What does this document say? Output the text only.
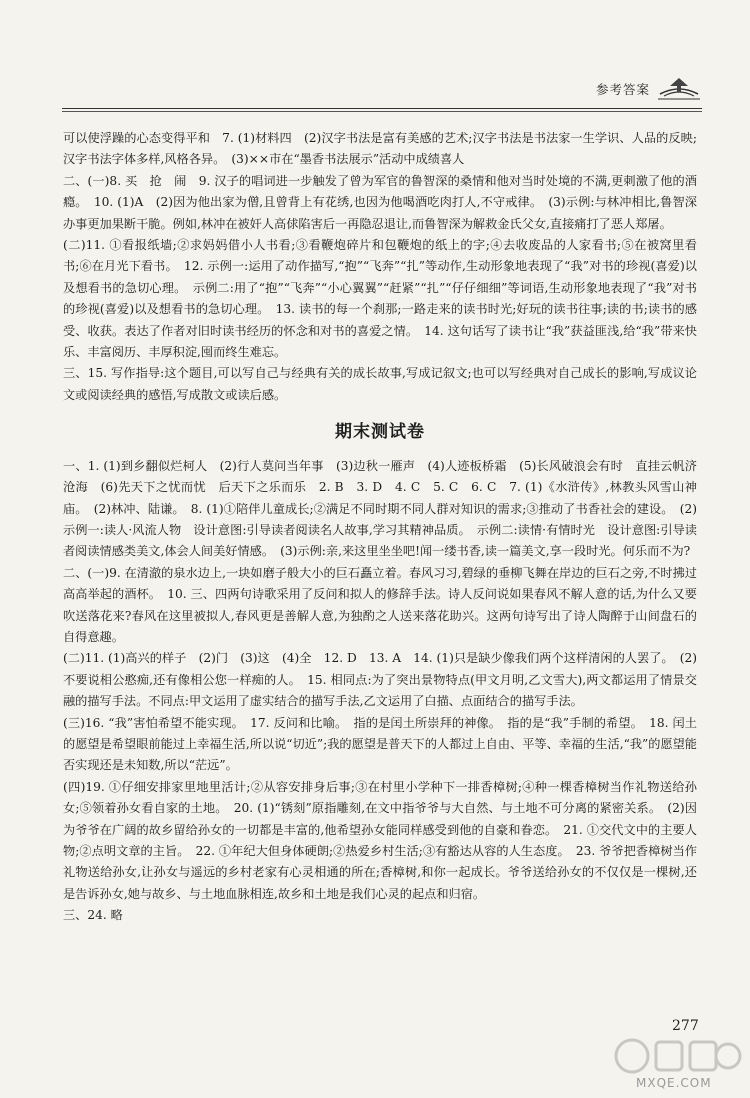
参考答案

可以使浮躁的心态变得平和　7. (1)材料四　(2)汉字书法是富有美感的艺术;汉字书法是书法家一生学识、人品的反映;汉字书法字体多样,风格各异。　(3)××市在“墨香书法展示”活动中成绩喜人

二、(一)8. 买　抢　闹　9. 汉子的唱词进一步触发了曾为军官的鲁智深的桑情和他对当时处境的不满,更刺激了他的酒瘾。　10. (1)A　(2)因为他出家为僧,且曾背上有花绣,也因为他喝酒吃肉打人,不守戒律。　(3)示例:与林冲相比,鲁智深办事更加果断干脆。例如,林冲在被奸人高俅陷害后一再隐忍退让,而鲁智深为解救金氏父女,直接痛打了恶人郑屠。

(二)11. ①看报纸墙;②求妈妈借小人书看;③看鞭炮碎片和包鞭炮的纸上的字;④去收废品的人家看书;⑤在被窝里看书;⑥在月光下看书。　12. 示例一:运用了动作描写,“抱”“飞奔”“扎”等动作,生动形象地表现了“我”对书的珍视(喜爱)以及想看书的急切心理。　示例二:用了“抱”“飞奔”“小心翼翼”“赶紧”“扎”“仔仔细细”等词语,生动形象地表现了“我”对书的珍视(喜爱)以及想看书的急切心理。　13. 读书的每一个刹那;一路走来的读书时光;好玩的读书往事;读的书;读书的感受、收获。表达了作者对旧时读书经历的怀念和对书的喜爱之情。　14. 这句话写了读书让“我”获益匪浅,给“我”带来快乐、丰富阅历、丰厚积淀,囤而终生难忘。

三、15. 写作指导:这个题目,可以写自己与经典有关的成长故事,写成记叙文;也可以写经典对自己成长的影响,写成议论文或阅读经典的感悟,写成散文或读后感。

期末测试卷

一、1. (1)到乡翻似烂柯人　(2)行人莫问当年事　(3)边秋一雁声　(4)人迹板桥霜　(5)长风破浪会有时　直挂云帆济沧海　(6)先天下之忧而忧　后天下之乐而乐　2. B　3. D　4. C　5. C　6. C　7. (1)《水浒传》,林教头风雪山神庙。　(2)林冲、陆谦。　8. (1)①陪伴儿童成长;②满足不同时期不同人群对知识的需求;③推动了书香社会的建设。　(2)示例一:读人·风流人物　设计意图:引导读者阅读名人故事,学习其精神品质。　示例二:读情·有情时光　设计意图:引导读者阅读情感类美文,体会人间美好情感。　(3)示例:亲,来这里坐坐吧!闻一缕书香,读一篇美文,享一段时光。何乐而不为?

二、(一)9. 在清澈的泉水边上,一块如磨子般大小的巨石矗立着。春风习习,碧绿的垂柳飞舞在岸边的巨石之旁,不时拂过高高举起的酒杯。　10. 三、四两句诗歌采用了反问和拟人的修辞手法。诗人反问说如果春风不解人意的话,为什么又要吹送落花来?春风在这里被拟人,春风更是善解人意,为独酌之人送来落花助兴。这两句诗写出了诗人陶醉于山间盘石的自得意趣。

(二)11. (1)高兴的样子　(2)门　(3)这　(4)全　12. D　13. A　14. (1)只是缺少像我们两个这样清闲的人罢了。　(2)不要说相公憨痴,还有像相公您一样痴的人。　15. 相同点:为了突出景物特点(甲文月明,乙文雪大),两文都运用了情景交融的描写手法。不同点:甲文运用了虚实结合的描写手法,乙文运用了白描、点面结合的描写手法。

(三)16. “我”害怕希望不能实现。　17. 反问和比喻。　指的是闰土所崇拜的神像。　指的是“我”手制的希望。　18. 闰土的愿望是希望眼前能过上幸福生活,所以说“切近”;我的愿望是普天下的人都过上自由、平等、幸福的生活,“我”的愿望能否实现还是未知数,所以“茫远”。

(四)19. ①仔细安排家里地里活计;②从容安排身后事;③在村里小学种下一排香樟树;④种一棵香樟树当作礼物送给孙女;⑤领着孙女看自家的土地。　20. (1)“锈刻”原指雕刻,在文中指爷爷与大自然、与土地不可分离的紧密关系。　(2)因为爷爷在广阔的故乡留给孙女的一切都是丰富的,他希望孙女能同样感受到他的自豪和眷恋。　21. ①交代文中的主要人物;②点明文章的主旨。　22. ①年纪大但身体硬朗;②热爱乡村生活;③有豁达从容的人生态度。　23. 爷爷把香樟树当作礼物送给孙女,让孙女与遥远的乡村老家有心灵相通的所在;香樟树,和你一起成长。爷爷送给孙女的不仅仅是一棵树,还是告诉孙女,她与故乡、与土地血脉相连,故乡和土地是我们心灵的起点和归宿。

三、24. 略

277
MXQE.COM
